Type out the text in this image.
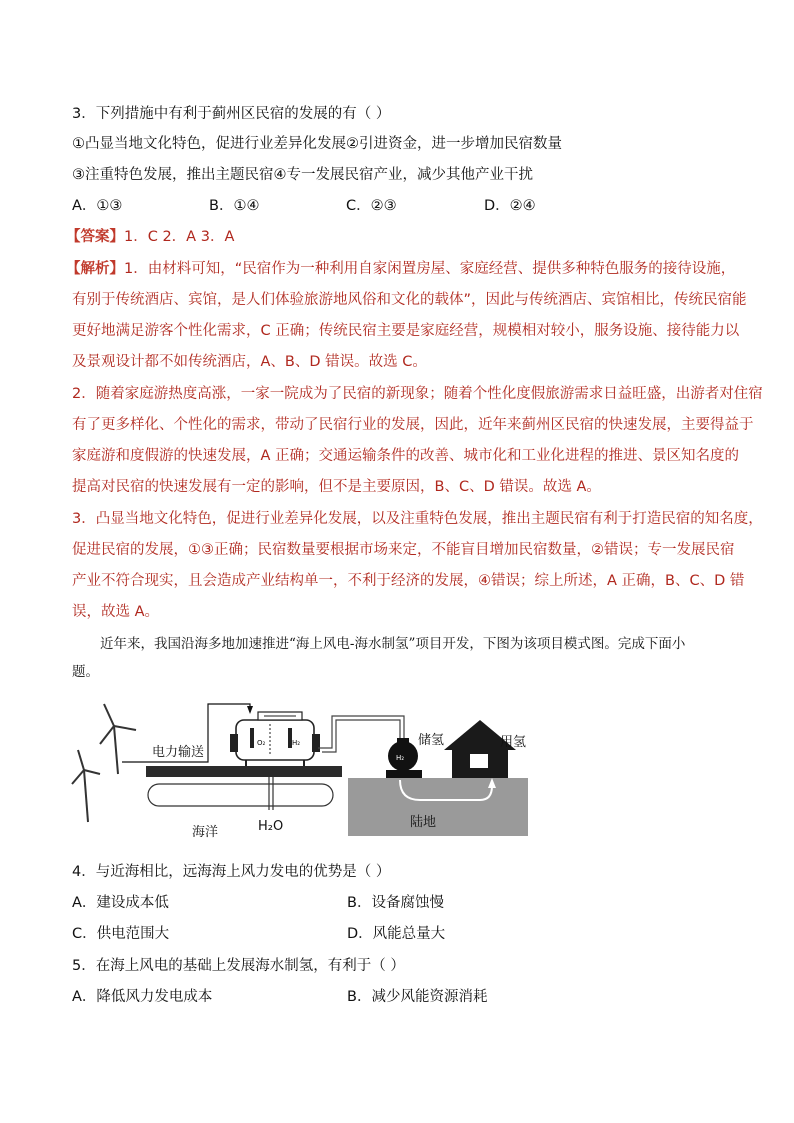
3．下列措施中有利于蓟州区民宿的发展的有（ ）
①凸显当地文化特色，促进行业差异化发展②引进资金，进一步增加民宿数量
③注重特色发展，推出主题民宿④专一发展民宿产业，减少其他产业干扰
A．①③	B．①④	C．②③	D．②④
【答案】1．C 2．A 3．A
【解析】1．由材料可知，“民宿作为一种利用自家闲置房屋、家庭经营、提供多种特色服务的接待设施，
有别于传统酒店、宾馆，是人们体验旅游地风俗和文化的载体”，因此与传统酒店、宾馆相比，传统民宿能
更好地满足游客个性化需求，C 正确；传统民宿主要是家庭经营，规模相对较小，服务设施、接待能力以
及景观设计都不如传统酒店，A、B、D 错误。故选 C。
2．随着家庭游热度高涨，一家一院成为了民宿的新现象；随着个性化度假旅游需求日益旺盛，出游者对住宿
有了更多样化、个性化的需求，带动了民宿行业的发展，因此，近年来蓟州区民宿的快速发展，主要得益于
家庭游和度假游的快速发展，A 正确；交通运输条件的改善、城市化和工业化进程的推进、景区知名度的
提高对民宿的快速发展有一定的影响，但不是主要原因，B、C、D 错误。故选 A。
3．凸显当地文化特色，促进行业差异化发展，以及注重特色发展，推出主题民宿有利于打造民宿的知名度，
促进民宿的发展，①③正确；民宿数量要根据市场来定，不能盲目增加民宿数量，②错误；专一发展民宿
产业不符合现实，且会造成产业结构单一，不利于经济的发展，④错误；综上所述，A 正确，B、C、D 错
误，故选 A。
近年来，我国沿海多地加速推进“海上风电-海水制氢”项目开发，下图为该项目模式图。完成下面小
题。
O₂	H₂
电力输送	H₂
储氢	用氢
海洋	H₂O	陆地
4．与近海相比，远海海上风力发电的优势是（ ）
A．建设成本低	B．设备腐蚀慢
C．供电范围大	D．风能总量大
5．在海上风电的基础上发展海水制氢，有利于（ ）
A．降低风力发电成本	B．减少风能资源消耗
